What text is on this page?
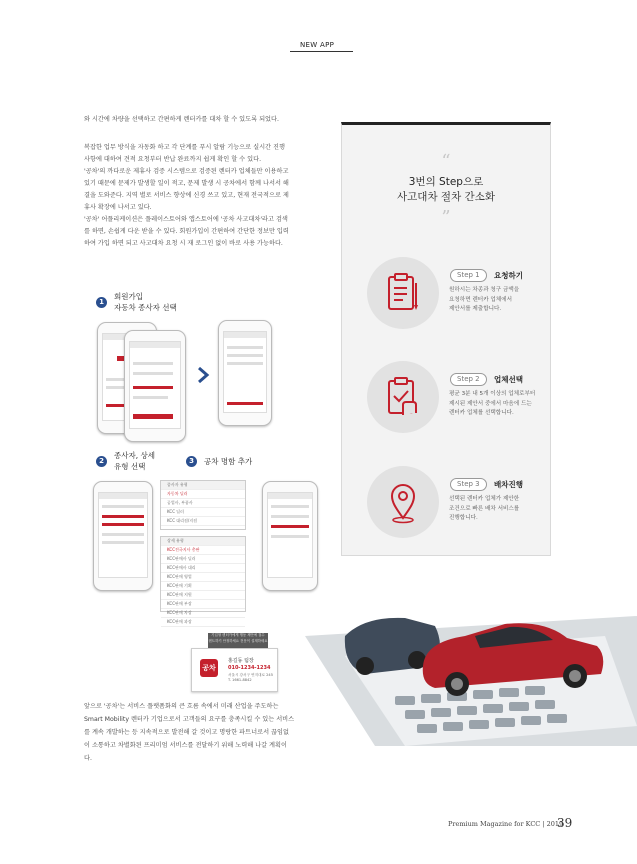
NEW APP

와 시간에 차량을 선택하고 간편하게 렌터카를 대차 할 수 있도록 되었다.

복잡한 업무 방식을 자동화 하고 각 단계를 푸시 알람 기능으로 실시간 진행

사항에 대하여 견적 요청부터 반납 완료까지 쉽게 확인 할 수 있다.

'공차'의 까다로운 제휴사 검증 시스템으로 검증된 렌터카 업체들만 이용하고

있기 때문에 문제가 발생할 일이 적고, 문제 발생 시 공차에서 함께 나서서 해

결을 도와준다. 지역 별로 서비스 향상에 신경 쓰고 있고, 현재 전국적으로 제

휴사 확장에 나서고 있다.

'공차' 어플리케이션은 플레이스토어와 앱스토어에 '공차 사고대차'라고 검색

를 하면, 손쉽게 다운 받을 수 있다. 회원가입이 간편하여 간단한 정보만 입력

하여 가입 하면 되고 사고대차 요청 시 재 로그인 없이 바로 사용 가능하다.

“
3번의 Step으로
사고대차 절차 간소화
”
Step 1	요청하기
원하시는 차종과 청구 금액을
요청하면 렌터카 업체에서
제안서를 제출합니다.
Step 2	업체선택
평균 3분 내 5개 이상의 업체로부터
제시된 제안서 중에서 마음에 드는
렌터카 업체를 선택합니다.
Step 3	배차진행
선택된 렌터카 업체가 제안한
조건으로 빠른 배차 서비스를
진행합니다.
1
회원가입
자동차 종사자 선택
2
종사자, 상세
유형 선택
3	공차 명함 추가
종사자 유형
자동차 딜러
공업사, 부품사
KCC 딜러
KCC 대리점/지점
상세 유형
KCC전국지사 총판
KCC판매사 딜러
KCC판매사 대리
KCC판매 영업
KCC판매 기획
KCC판매 지원
KCC판매 부장
KCC판매 차장
KCC판매 과장
기업형 렌터카에게 행동 제안에 접수
렌트하기 안정하세요 전문이 설계하세요
공차
홍길동 팀장
010-1234-1234
서울시 강서구 연지대로 245
T. 1661-8842

앞으로 '공차'는 서비스 플랫폼화의 큰 흐름 속에서 미래 산업을 주도하는

Smart Mobility 렌터카 기업으로서 고객들의 요구를 충족시킬 수 있는 서비스

를 계속 개발하는 등 지속적으로 발전해 갈 것이고 명랑한 파트너로서 끊임없

이 소통하고 차별화된 프리미엄 서비스를 전달하기 위해 노력해 나갈 계획이

다.

Premium Magazine for KCC | 2019
39
